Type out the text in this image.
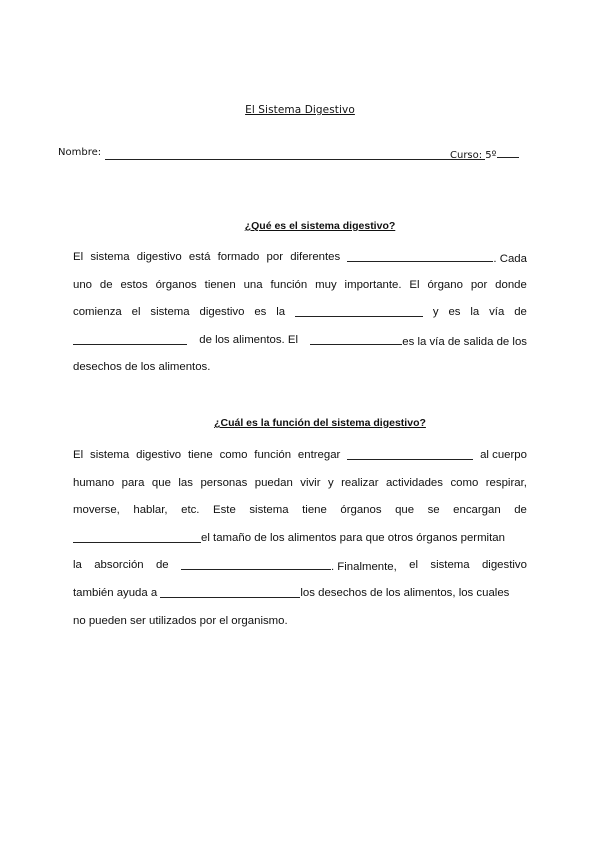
El Sistema Digestivo
Nombre:	Curso: 5º
¿Qué es el sistema digestivo?
El sistema digestivo está formado por diferentes	. Cada
uno de estos órganos tienen una función muy importante. El órgano por donde
comienza el sistema digestivo es la	y es la vía de
de los alimentos. El	es la vía de salida de los
desechos de los alimentos.
¿Cuál es la función del sistema digestivo?
El sistema digestivo tiene como función entregar	al cuerpo
humano para que las personas puedan vivir y realizar actividades como respirar,
moverse, hablar, etc. Este sistema tiene órganos que se encargan de
el tamaño de los alimentos para que otros órganos permitan
la absorción de	. Finalmente, el sistema digestivo
también ayuda a
	los desechos de los alimentos, los cuales
no pueden ser utilizados por el organismo.
